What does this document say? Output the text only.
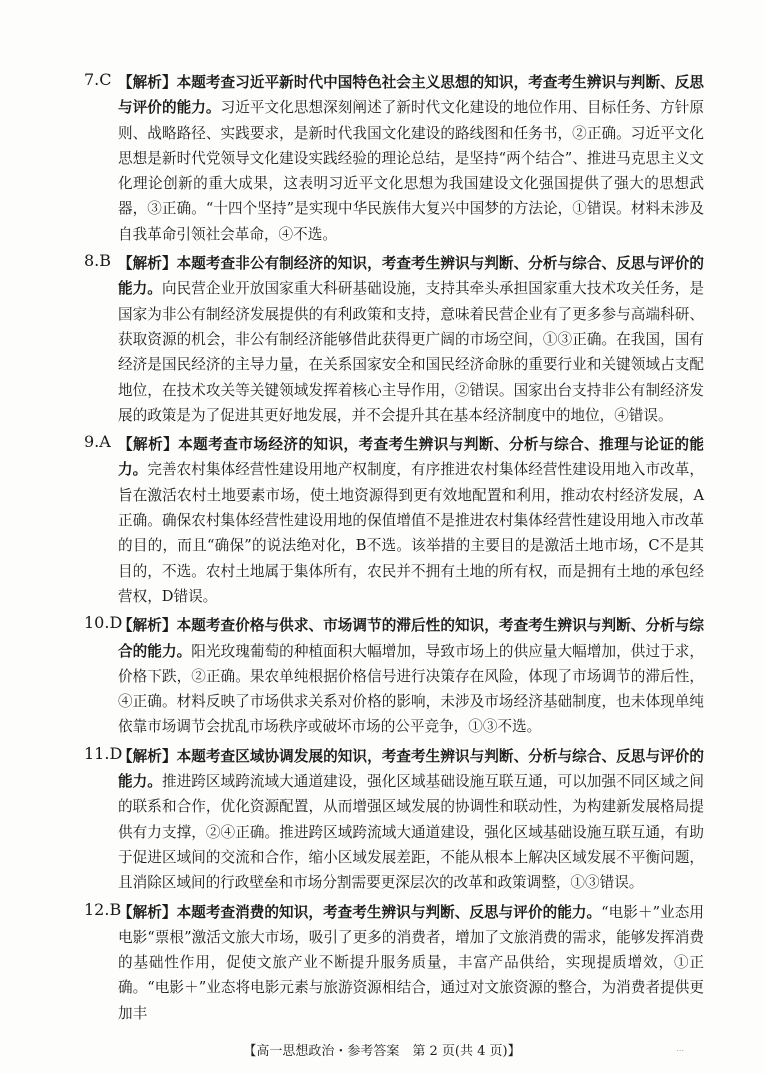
7.C 【解析】本题考查习近平新时代中国特色社会主义思想的知识，考查考生辨识与判断、反思与评价的能力。习近平文化思想深刻阐述了新时代文化建设的地位作用、目标任务、方针原则、战略路径、实践要求，是新时代我国文化建设的路线图和任务书，②正确。习近平文化思想是新时代党领导文化建设实践经验的理论总结，是坚持“两个结合”、推进马克思主义文化理论创新的重大成果，这表明习近平文化思想为我国建设文化强国提供了强大的思想武器，③正确。“十四个坚持”是实现中华民族伟大复兴中国梦的方法论，①错误。材料未涉及自我革命引领社会革命，④不选。

8.B 【解析】本题考查非公有制经济的知识，考查考生辨识与判断、分析与综合、反思与评价的能力。向民营企业开放国家重大科研基础设施，支持其牵头承担国家重大技术攻关任务，是国家为非公有制经济发展提供的有利政策和支持，意味着民营企业有了更多参与高端科研、获取资源的机会，非公有制经济能够借此获得更广阔的市场空间，①③正确。在我国，国有经济是国民经济的主导力量，在关系国家安全和国民经济命脉的重要行业和关键领域占支配地位，在技术攻关等关键领域发挥着核心主导作用，②错误。国家出台支持非公有制经济发展的政策是为了促进其更好地发展，并不会提升其在基本经济制度中的地位，④错误。

9.A 【解析】本题考查市场经济的知识，考查考生辨识与判断、分析与综合、推理与论证的能力。完善农村集体经营性建设用地产权制度，有序推进农村集体经营性建设用地入市改革，旨在激活农村土地要素市场，使土地资源得到更有效地配置和利用，推动农村经济发展，A正确。确保农村集体经营性建设用地的保值增值不是推进农村集体经营性建设用地入市改革的目的，而且“确保”的说法绝对化，B不选。该举措的主要目的是激活土地市场，C不是其目的，不选。农村土地属于集体所有，农民并不拥有土地的所有权，而是拥有土地的承包经营权，D错误。

10.D

【解析】本题考查价格与供求、市场调节的滞后性的知识，考查考生辨识与判断、分析与综合的能力。阳光玫瑰葡萄的种植面积大幅增加，导致市场上的供应量大幅增加，供过于求，价格下跌，②正确。果农单纯根据价格信号进行决策存在风险，体现了市场调节的滞后性，④正确。材料反映了市场供求关系对价格的影响，未涉及市场经济基础制度，也未体现单纯依靠市场调节会扰乱市场秩序或破坏市场的公平竞争，①③不选。

11.D

【解析】本题考查区域协调发展的知识，考查考生辨识与判断、分析与综合、反思与评价的能力。推进跨区域跨流域大通道建设，强化区域基础设施互联互通，可以加强不同区域之间的联系和合作，优化资源配置，从而增强区域发展的协调性和联动性，为构建新发展格局提供有力支撑，②④正确。推进跨区域跨流域大通道建设，强化区域基础设施互联互通，有助于促进区域间的交流和合作，缩小区域发展差距，不能从根本上解决区域发展不平衡问题，且消除区域间的行政壁垒和市场分割需要更深层次的改革和政策调整，①③错误。

12.B

【解析】本题考查消费的知识，考查考生辨识与判断、反思与评价的能力。“电影＋”业态用电影“票根”激活文旅大市场，吸引了更多的消费者，增加了文旅消费的需求，能够发挥消费的基础性作用，促使文旅产业不断提升服务质量，丰富产品供给，实现提质增效，①正确。“电影＋”业态将电影元素与旅游资源相结合，通过对文旅资源的整合，为消费者提供更加丰

【高一思想政治・参考答案　第 2 页(共 4 页)】	...
